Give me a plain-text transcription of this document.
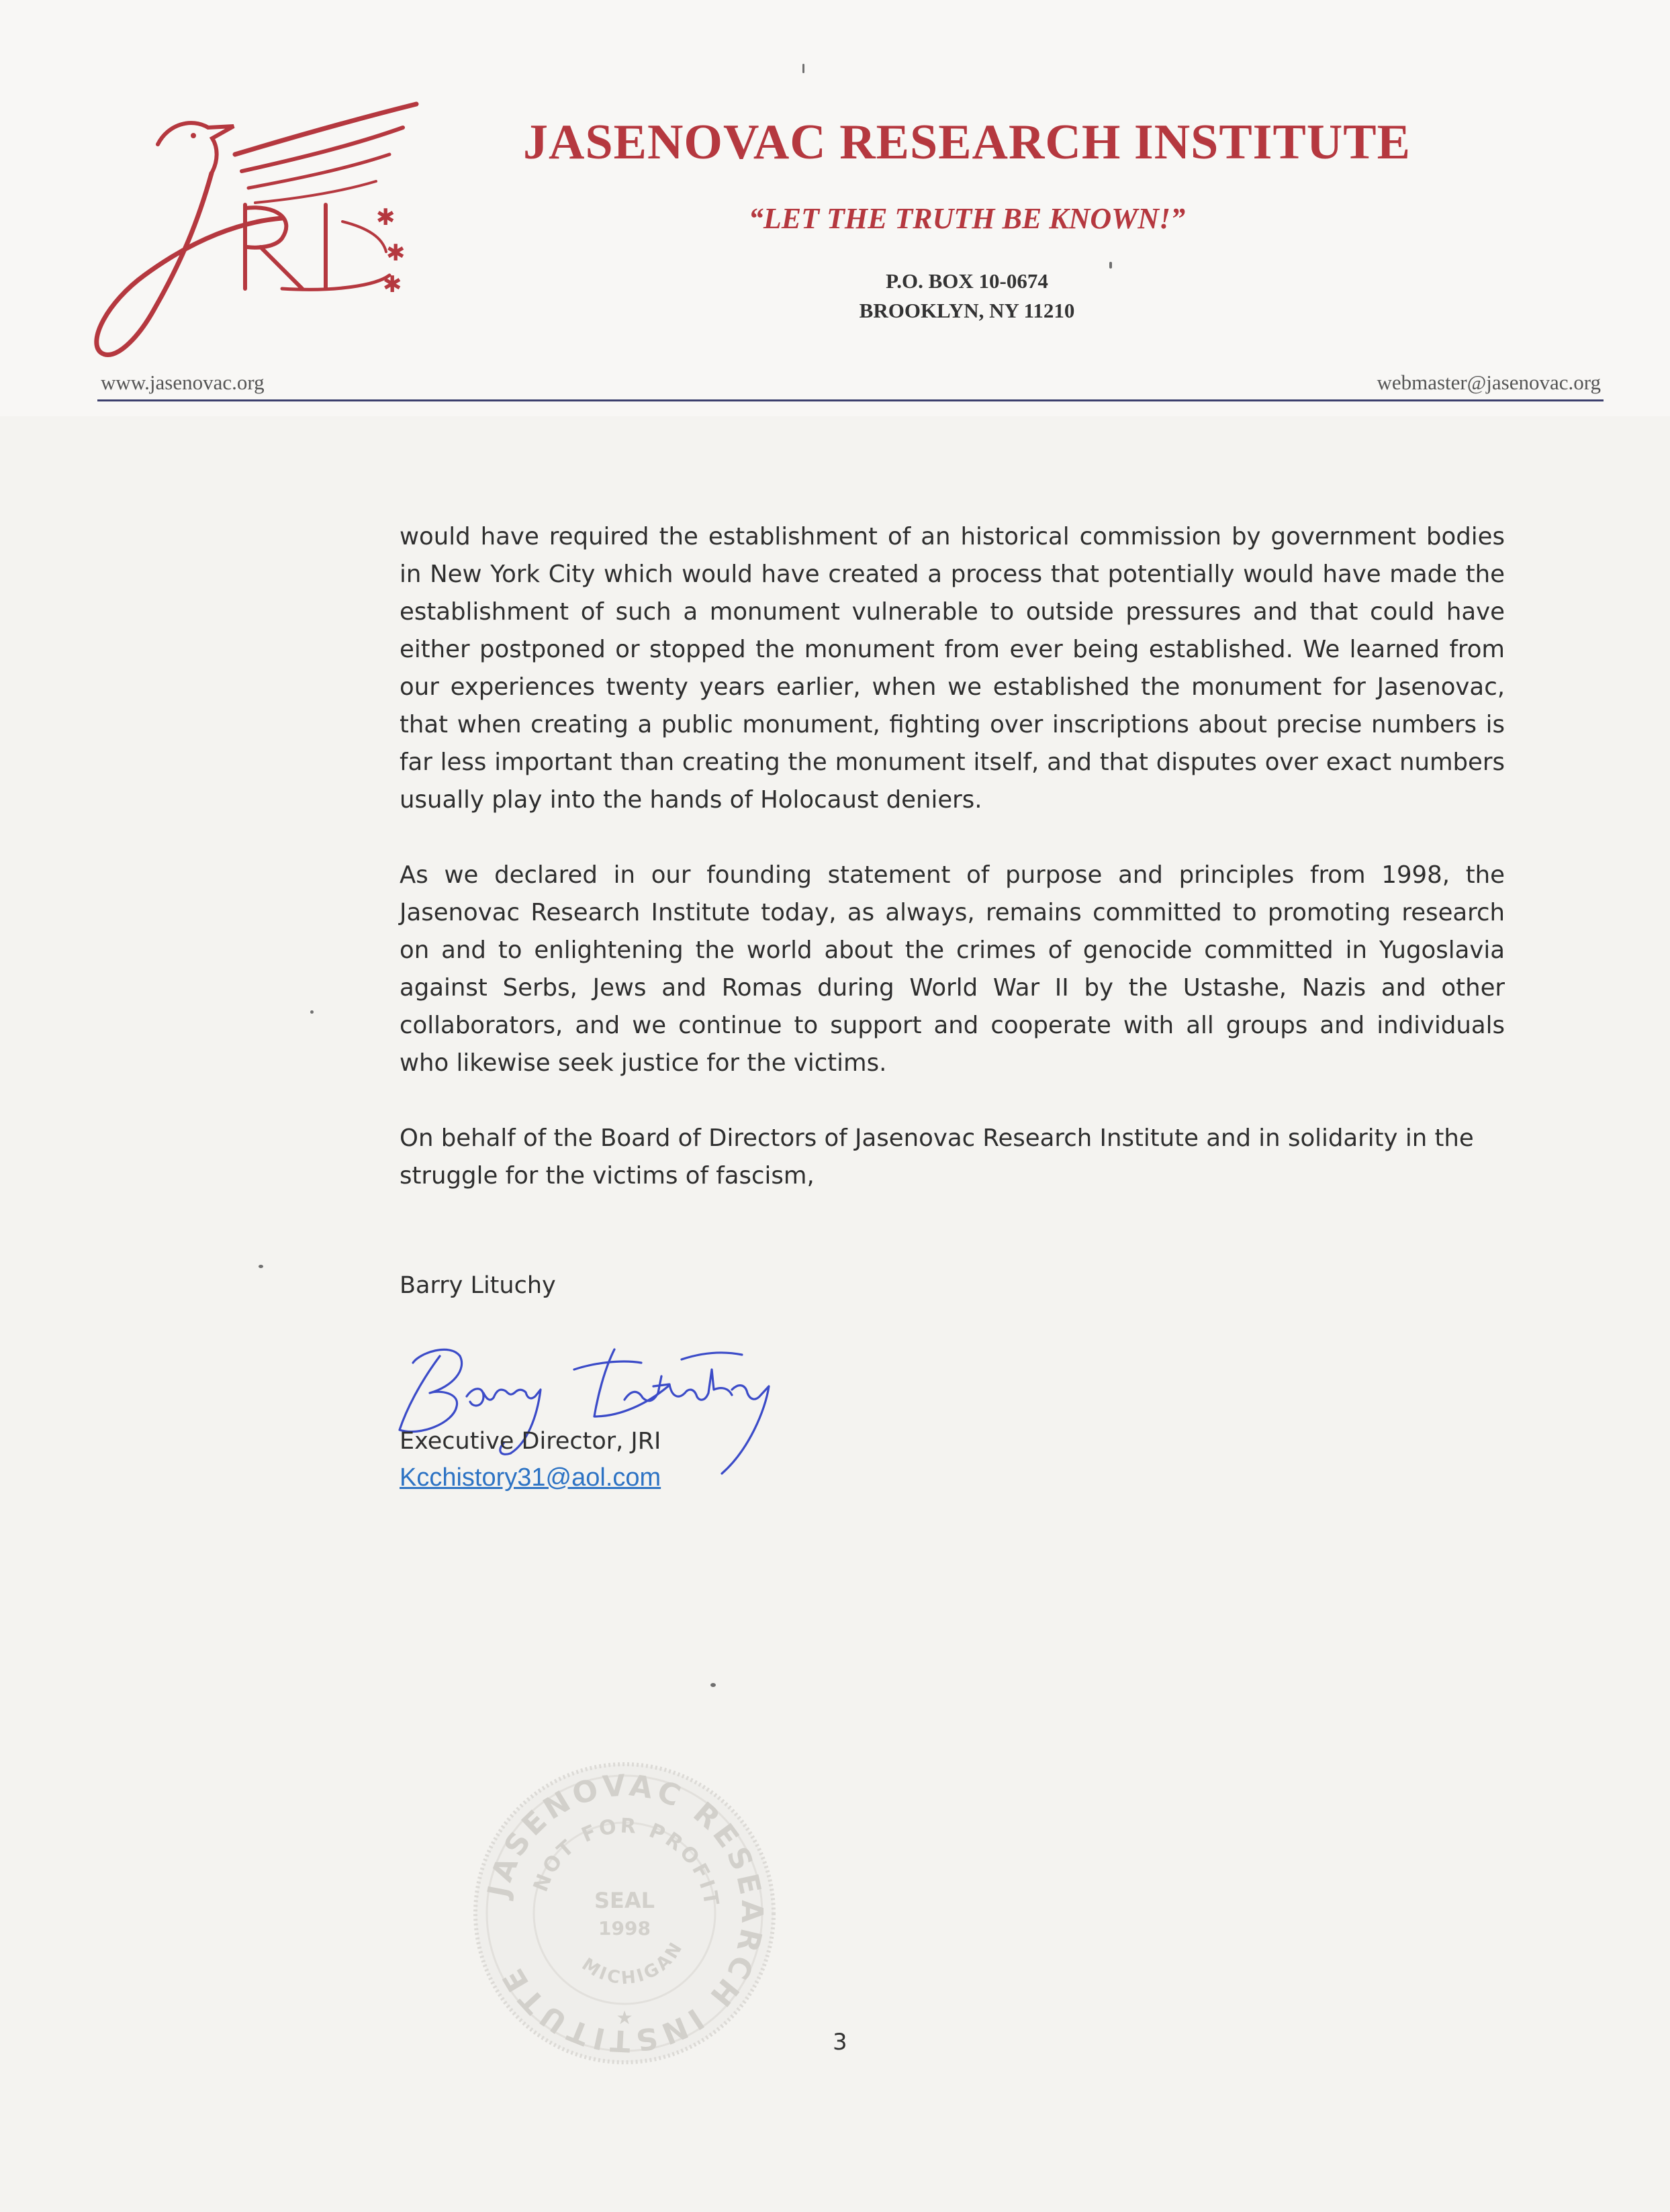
✱
✱
✱
JASENOVAC RESEARCH INSTITUTE
“LET THE TRUTH BE KNOWN!”
P.O. BOX 10-0674
BROOKLYN, NY 11210
www.jasenovac.org	webmaster@jasenovac.org

would have required the establishment of an historical commission by government bodies in New York City which would have created a process that potentially would have made the establishment of such a monument vulnerable to outside pressures and that could have either postponed or stopped the monument from ever being established. We learned from our experiences twenty years earlier, when we established the monument for Jasenovac, that when creating a public monument, fighting over inscriptions about precise numbers is far less important than creating the monument itself, and that disputes over exact numbers usually play into the hands of Holocaust deniers.

As we declared in our founding statement of purpose and principles from 1998, the Jasenovac Research Institute today, as always, remains committed to promoting research on and to enlightening the world about the crimes of genocide committed in Yugoslavia against Serbs, Jews and Romas during World War II by the Ustashe, Nazis and other collaborators, and we continue to support and cooperate with all groups and individuals who likewise seek justice for the victims.

On behalf of the Board of Directors of Jasenovac Research Institute and in solidarity in the struggle for the victims of fascism,

Barry Lituchy
Executive Director, JRI
Kcchistory31@aol.com
JASENOVAC RESEARCH INSTITUTE
NOT FOR PROFIT
MICHIGAN
SEAL
1998
★
3
